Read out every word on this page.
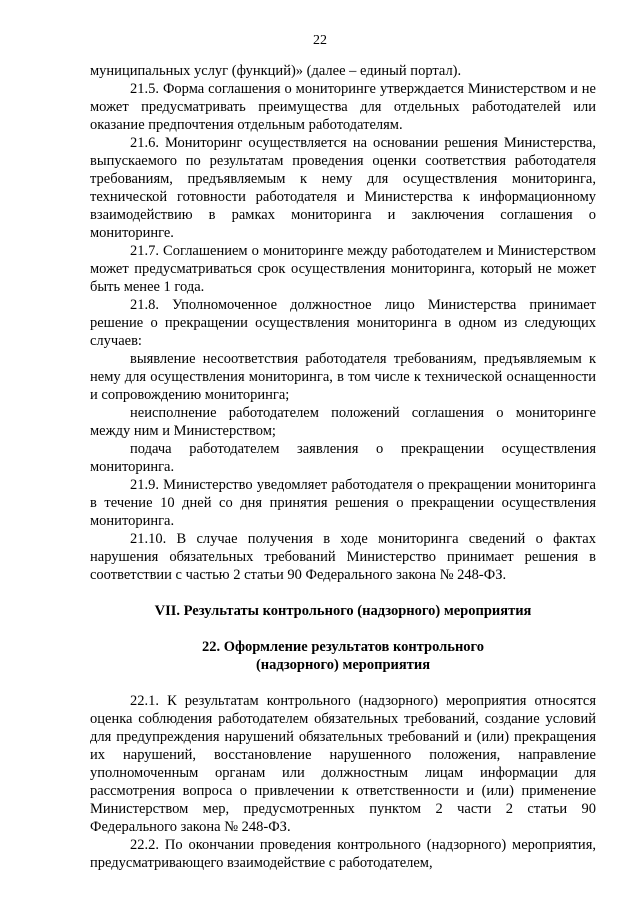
22

муниципальных услуг (функций)» (далее – единый портал).

21.5. Форма соглашения о мониторинге утверждается Министерством и не может предусматривать преимущества для отдельных работодателей или оказание предпочтения отдельным работодателям.

21.6. Мониторинг осуществляется на основании решения Министерства, выпускаемого по результатам проведения оценки соответствия работодателя требованиям, предъявляемым к нему для осуществления мониторинга, технической готовности работодателя и Министерства к информационному взаимодействию в рамках мониторинга и заключения соглашения о мониторинге.

21.7. Соглашением о мониторинге между работодателем и Министерством может предусматриваться срок осуществления мониторинга, который не может быть менее 1 года.

21.8. Уполномоченное должностное лицо Министерства принимает решение о прекращении осуществления мониторинга в одном из следующих случаев:

выявление несоответствия работодателя требованиям, предъявляемым к нему для осуществления мониторинга, в том числе к технической оснащенности и сопровождению мониторинга;

неисполнение работодателем положений соглашения о мониторинге между ним и Министерством;

подача работодателем заявления о прекращении осуществления мониторинга.

21.9. Министерство уведомляет работодателя о прекращении мониторинга в течение 10 дней со дня принятия решения о прекращении осуществления мониторинга.

21.10. В случае получения в ходе мониторинга сведений о фактах нарушения обязательных требований Министерство принимает решения в соответствии с частью 2 статьи 90 Федерального закона № 248-ФЗ.

VII. Результаты контрольного (надзорного) мероприятия
22. Оформление результатов контрольного
(надзорного) мероприятия

22.1. К результатам контрольного (надзорного) мероприятия относятся оценка соблюдения работодателем обязательных требований, создание условий для предупреждения нарушений обязательных требований и (или) прекращения их нарушений, восстановление нарушенного положения, направление уполномоченным органам или должностным лицам информации для рассмотрения вопроса о привлечении к ответственности и (или) применение Министерством мер, предусмотренных пунктом 2 части 2 статьи 90 Федерального закона № 248-ФЗ.

22.2. По окончании проведения контрольного (надзорного) мероприятия, предусматривающего взаимодействие с работодателем,
